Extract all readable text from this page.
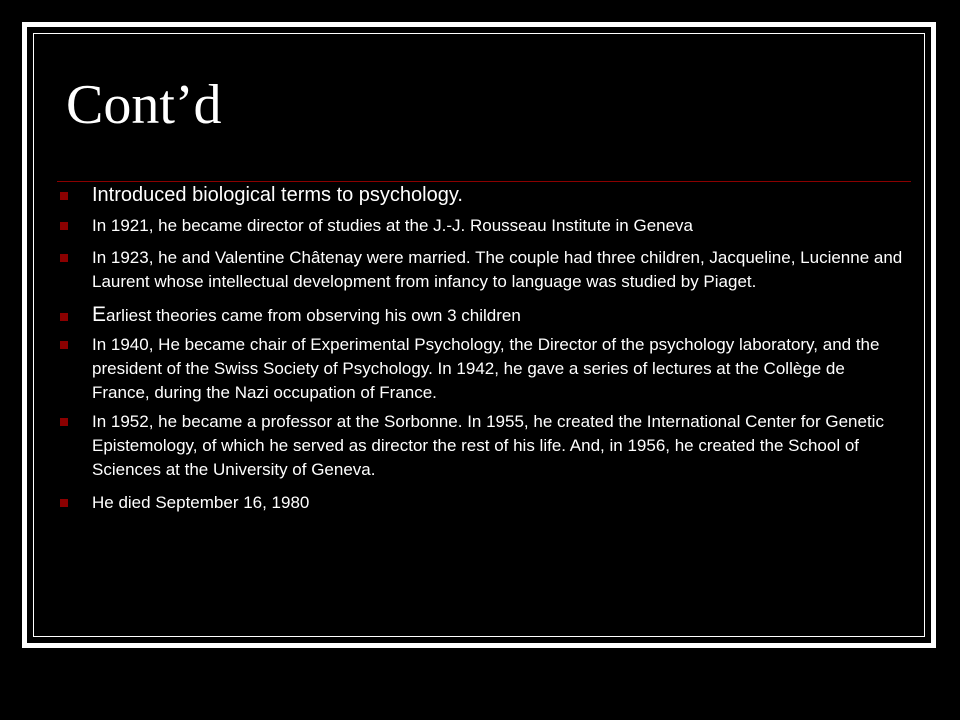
Cont’d
Introduced biological terms to psychology.
In 1921, he became director of studies at the J.-J. Rousseau Institute in Geneva
In 1923, he and Valentine Châtenay were married. The couple had three children, Jacqueline, Lucienne and Laurent whose intellectual development from infancy to language was studied by Piaget.
Earliest theories came from observing his own 3 children
In 1940, He became chair of Experimental Psychology, the Director of the psychology laboratory, and the president of the Swiss Society of Psychology. In 1942, he gave a series of lectures at the Collège de France, during the Nazi occupation of France.
In 1952, he became a professor at the Sorbonne. In 1955, he created the International Center for Genetic Epistemology, of which he served as director the rest of his life. And, in 1956, he created the School of Sciences at the University of Geneva.
He died September 16, 1980
